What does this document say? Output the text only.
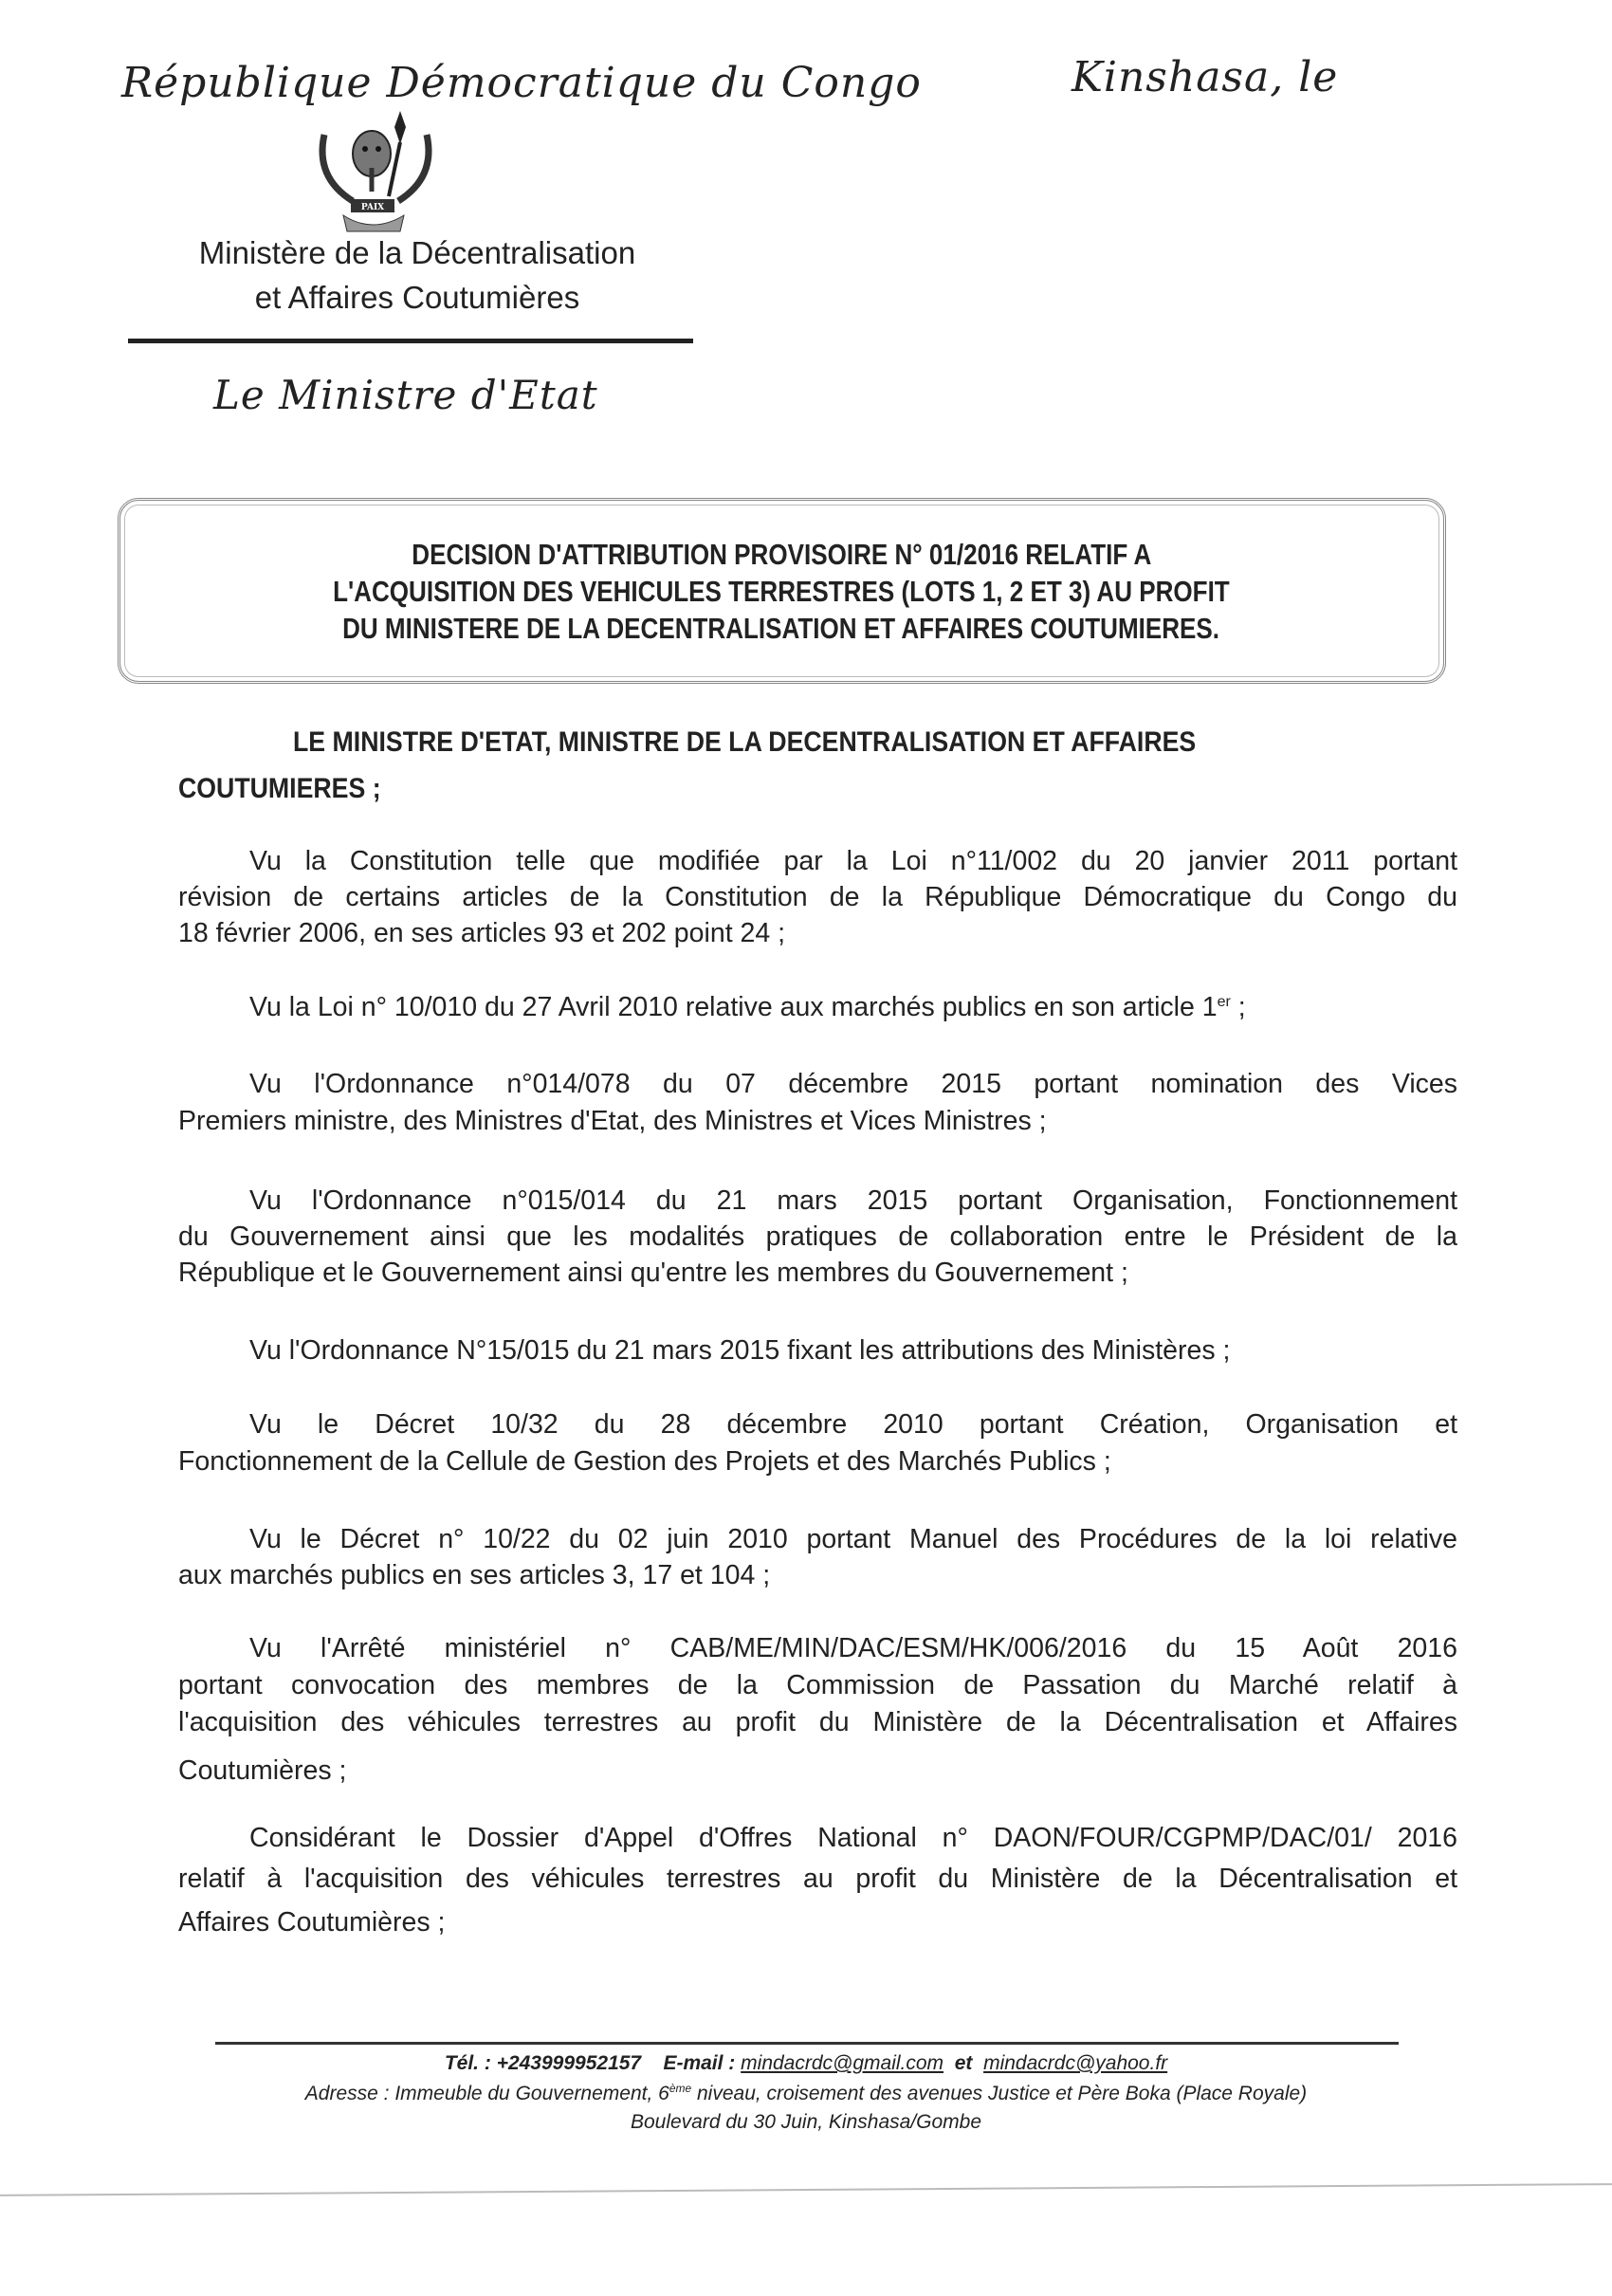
République Démocratique du Congo	Kinshasa, le
PAIX
Ministère de la Décentralisation
et Affaires Coutumières
Le Ministre d'Etat
DECISION D'ATTRIBUTION PROVISOIRE N° 01/2016 RELATIF A
L'ACQUISITION DES VEHICULES TERRESTRES (LOTS 1, 2 ET 3) AU PROFIT
DU MINISTERE DE LA DECENTRALISATION ET AFFAIRES COUTUMIERES.
LE MINISTRE D'ETAT, MINISTRE DE LA DECENTRALISATION ET AFFAIRES
COUTUMIERES ;
Vu la Constitution telle que modifiée par la Loi n°11/002 du 20 janvier 2011 portant
révision de certains articles de la Constitution de la République Démocratique du Congo du
18 février 2006, en ses articles 93 et 202 point 24 ;
Vu la Loi n° 10/010 du 27 Avril 2010 relative aux marchés publics en son article 1er ;
Vu l'Ordonnance n°014/078 du 07 décembre 2015 portant nomination des Vices
Premiers ministre, des Ministres d'Etat, des Ministres et Vices Ministres ;
Vu l'Ordonnance n°015/014 du 21 mars 2015 portant Organisation, Fonctionnement
du Gouvernement ainsi que les modalités pratiques de collaboration entre le Président de la
République et le Gouvernement ainsi qu'entre les membres du Gouvernement ;
Vu l'Ordonnance N°15/015 du 21 mars 2015 fixant les attributions des Ministères ;
Vu le Décret 10/32 du 28 décembre 2010 portant Création, Organisation et
Fonctionnement de la Cellule de Gestion des Projets et des Marchés Publics ;
Vu le Décret n° 10/22 du 02 juin 2010 portant Manuel des Procédures de la loi relative
aux marchés publics en ses articles 3, 17 et 104 ;
Vu l'Arrêté ministériel n° CAB/ME/MIN/DAC/ESM/HK/006/2016 du 15 Août 2016
portant convocation des membres de la Commission de Passation du Marché relatif à
l'acquisition des véhicules terrestres au profit du Ministère de la Décentralisation et Affaires
Coutumières ;
Considérant le Dossier d'Appel d'Offres National n° DAON/FOUR/CGPMP/DAC/01/ 2016
relatif à l'acquisition des véhicules terrestres au profit du Ministère de la Décentralisation et
Affaires Coutumières ;
Tél. : +243999952157 E-mail : mindacrdc@gmail.com et mindacrdc@yahoo.fr
Adresse : Immeuble du Gouvernement, 6ème niveau, croisement des avenues Justice et Père Boka (Place Royale)
Boulevard du 30 Juin, Kinshasa/Gombe
